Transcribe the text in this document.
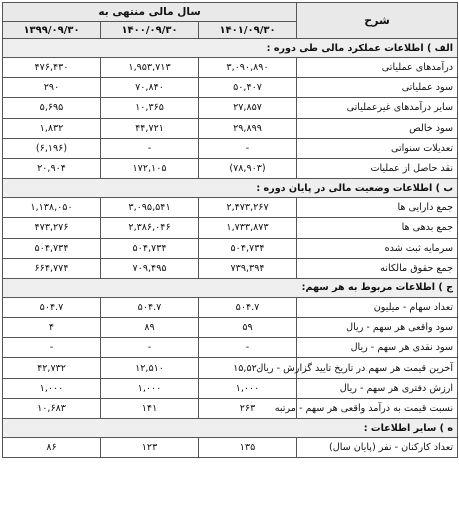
شرح	سال مالی منتهی به		
	۱۴۰۱/۰۹/۳۰	۱۴۰۰/۰۹/۳۰	۱۳۹۹/۰۹/۳۰
الف ) اطلاعات عملکرد مالی طی دوره :			
درآمدهای عملیاتی	۳,۰۹۰,۸۹۰	۱,۹۵۳,۷۱۳	۴۷۶,۴۳۰
سود عملیاتی	۵۰,۴۰۷	۷۰,۸۴۰	۲۹۰
سایر درآمدهای غیرعملیاتی	۲۷,۸۵۷	۱۰,۳۶۵	۵,۶۹۵
سود خالص	۲۹,۸۹۹	۴۴,۷۲۱	۱,۸۳۲
تعدیلات سنواتی	-	-	(۶,۱۹۶)
نقد حاصل از عملیات	(۷۸,۹۰۳)	۱۷۲,۱۰۵	۲۰,۹۰۴
ب ) اطلاعات وضعیت مالی در پایان دوره :			
جمع دارایی ها	۲,۴۷۳,۲۶۷	۳,۰۹۵,۵۴۱	۱,۱۳۸,۰۵۰
جمع بدهی ها	۱,۷۳۳,۸۷۳	۲,۳۸۶,۰۴۶	۴۷۳,۲۷۶
سرمایه ثبت شده	۵۰۴,۷۳۴	۵۰۴,۷۳۴	۵۰۴,۷۳۴
جمع حقوق مالکانه	۷۳۹,۳۹۴	۷۰۹,۴۹۵	۶۶۴,۷۷۴
ج ) اطلاعات مربوط به هر سهم:			
تعداد سهام - میلیون	۵۰۴.۷	۵۰۴.۷	۵۰۴.۷
سود واقعی هر سهم - ریال	۵۹	۸۹	۴
سود نقدی هر سهم - ریال	-	-	-
آخرین قیمت هر سهم در تاریخ تایید گزارش - ریال	۱۵,۵۲۰	۱۲,۵۱۰	۴۲,۷۳۲
ارزش دفتری هر سهم - ریال	۱,۰۰۰	۱,۰۰۰	۱,۰۰۰
نسبت قیمت به درآمد واقعی هر سهم - مرتبه	۲۶۳	۱۴۱	۱۰,۶۸۳
ه ) سایر اطلاعات :			
تعداد کارکنان - نفر (پایان سال)	۱۳۵	۱۲۳	۸۶
